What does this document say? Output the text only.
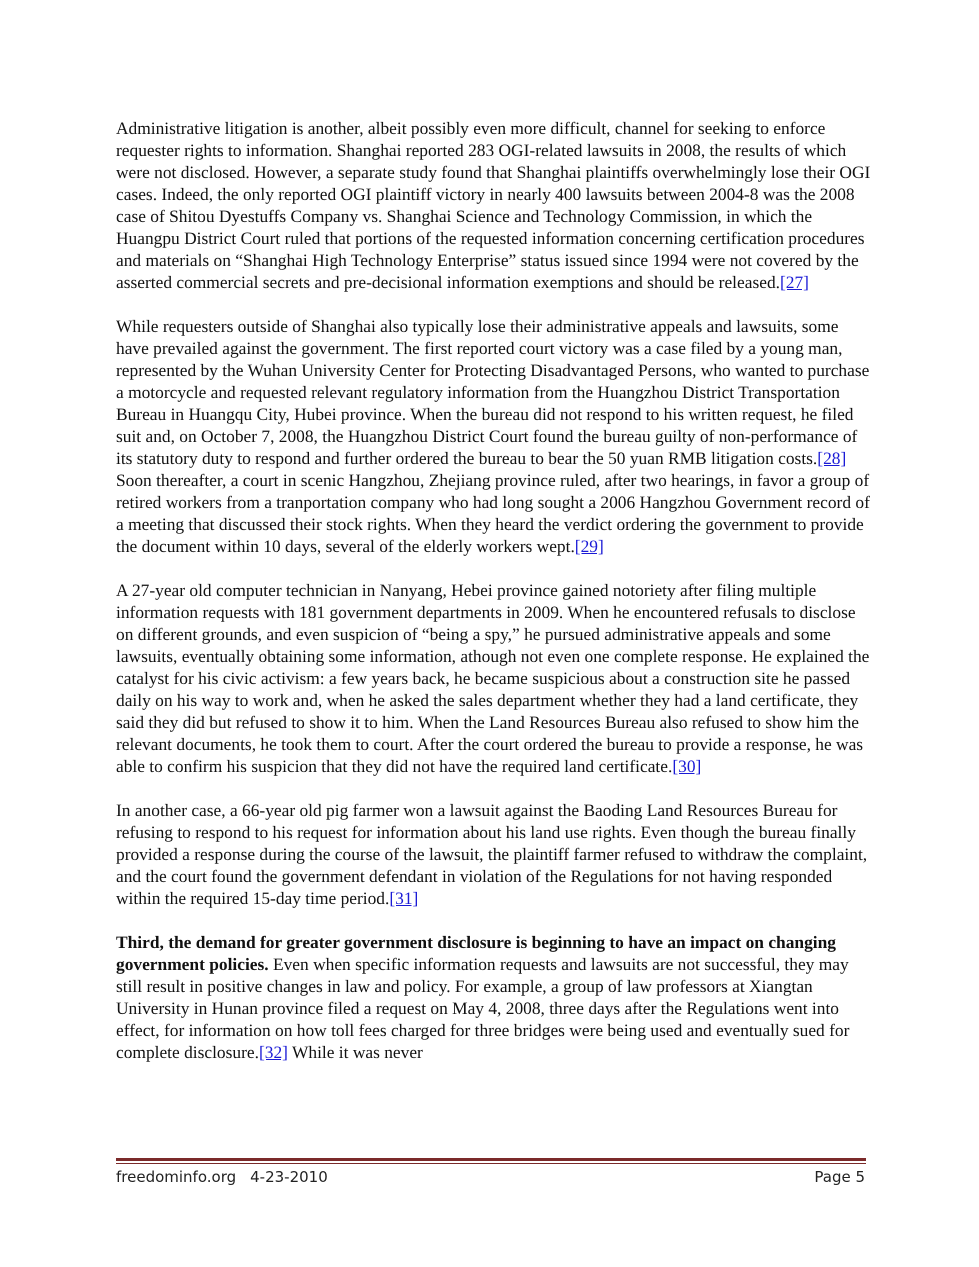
Administrative litigation is another, albeit possibly even more difficult, channel for seeking to enforce requester rights to information. Shanghai reported 283 OGI-related lawsuits in 2008, the results of which were not disclosed. However, a separate study found that Shanghai plaintiffs overwhelmingly lose their OGI cases. Indeed, the only reported OGI plaintiff victory in nearly 400 lawsuits between 2004-8 was the 2008 case of Shitou Dyestuffs Company vs. Shanghai Science and Technology Commission, in which the Huangpu District Court ruled that portions of the requested information concerning certification procedures and materials on “Shanghai High Technology Enterprise” status issued since 1994 were not covered by the asserted commercial secrets and pre-decisional information exemptions and should be released.[27]

While requesters outside of Shanghai also typically lose their administrative appeals and lawsuits, some have prevailed against the government. The first reported court victory was a case filed by a young man, represented by the Wuhan University Center for Protecting Disadvantaged Persons, who wanted to purchase a motorcycle and requested relevant regulatory information from the Huangzhou District Transportation Bureau in Huangqu City, Hubei province. When the bureau did not respond to his written request, he filed suit and, on October 7, 2008, the Huangzhou District Court found the bureau guilty of non-performance of its statutory duty to respond and further ordered the bureau to bear the 50 yuan RMB litigation costs.[28] Soon thereafter, a court in scenic Hangzhou, Zhejiang province ruled, after two hearings, in favor a group of retired workers from a tranportation company who had long sought a 2006 Hangzhou Government record of a meeting that discussed their stock rights. When they heard the verdict ordering the government to provide the document within 10 days, several of the elderly workers wept.[29]

A 27-year old computer technician in Nanyang, Hebei province gained notoriety after filing multiple information requests with 181 government departments in 2009. When he encountered refusals to disclose on different grounds, and even suspicion of “being a spy,” he pursued administrative appeals and some lawsuits, eventually obtaining some information, athough not even one complete response. He explained the catalyst for his civic activism: a few years back, he became suspicious about a construction site he passed daily on his way to work and, when he asked the sales department whether they had a land certificate, they said they did but refused to show it to him. When the Land Resources Bureau also refused to show him the relevant documents, he took them to court. After the court ordered the bureau to provide a response, he was able to confirm his suspicion that they did not have the required land certificate.[30]

In another case, a 66-year old pig farmer won a lawsuit against the Baoding Land Resources Bureau for refusing to respond to his request for information about his land use rights. Even though the bureau finally provided a response during the course of the lawsuit, the plaintiff farmer refused to withdraw the complaint, and the court found the government defendant in violation of the Regulations for not having responded within the required 15-day time period.[31]

Third, the demand for greater government disclosure is beginning to have an impact on changing government policies. Even when specific information requests and lawsuits are not successful, they may still result in positive changes in law and policy. For example, a group of law professors at Xiangtan University in Hunan province filed a request on May 4, 2008, three days after the Regulations went into effect, for information on how toll fees charged for three bridges were being used and eventually sued for complete disclosure.[32] While it was never

freedominfo.org 4-23-2010	Page 5
